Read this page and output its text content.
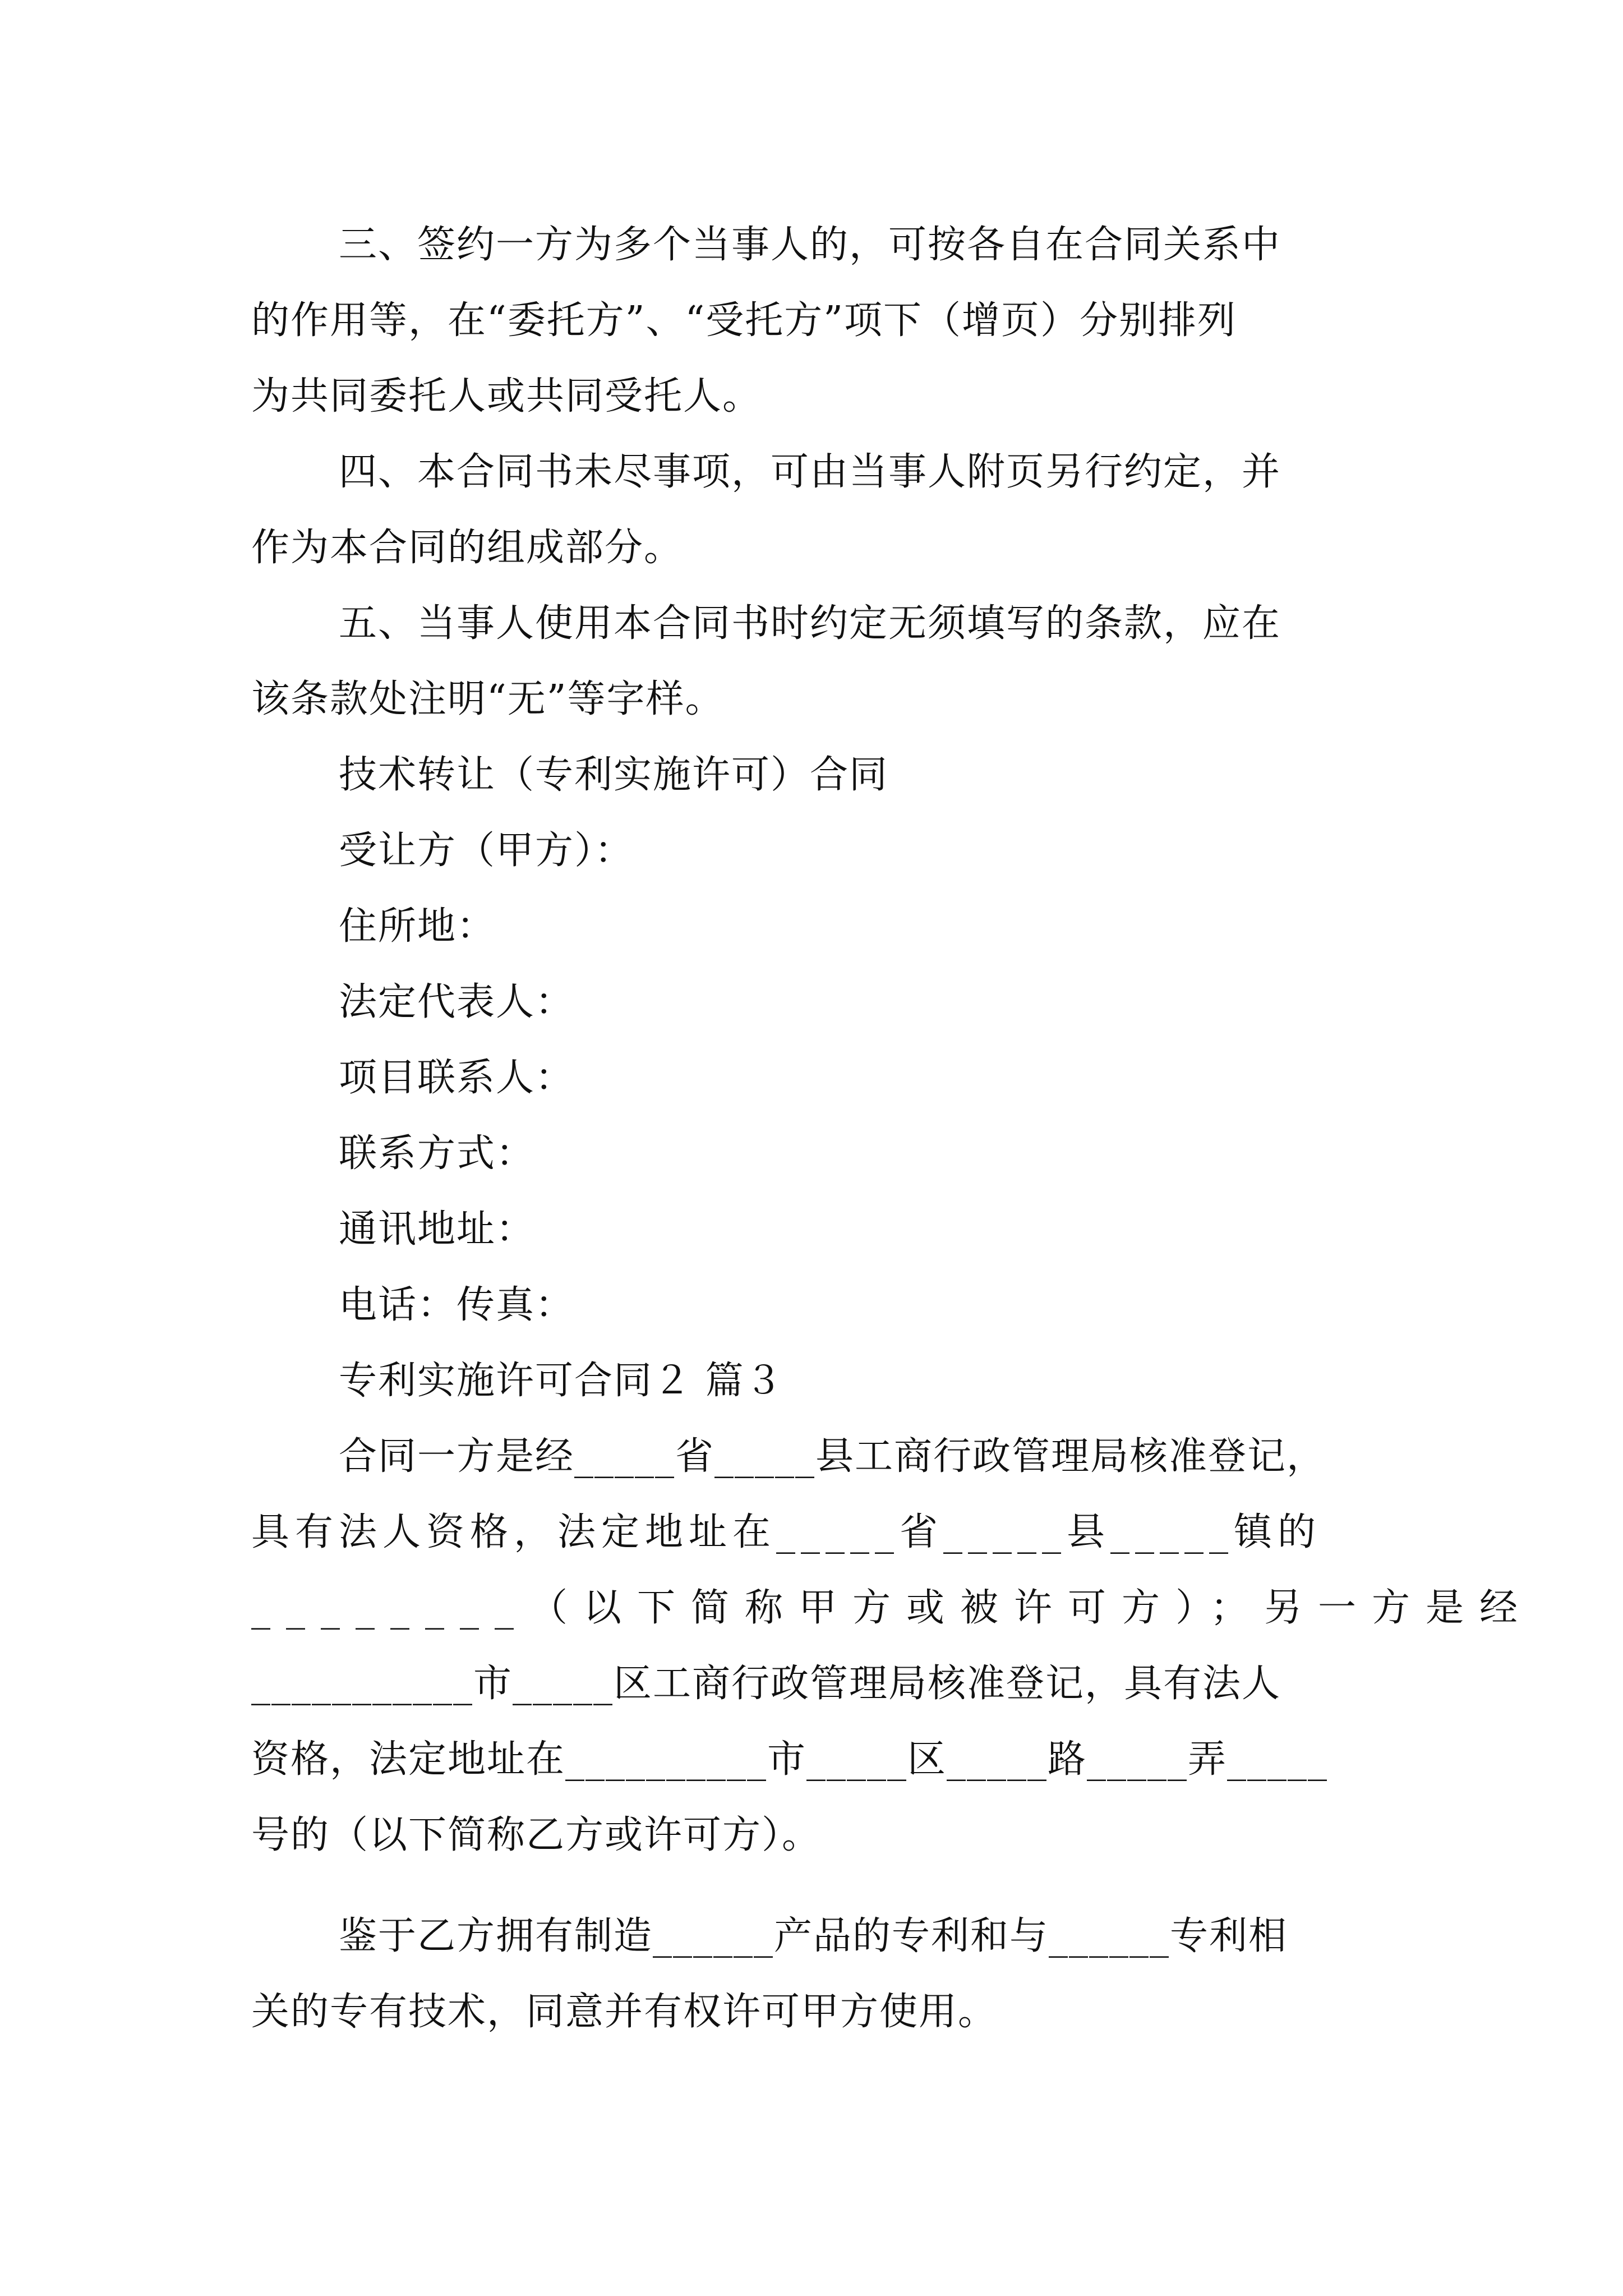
三、签约一方为多个当事人的，可按各自在合同关系中
的作用等，在“委托方”、“受托方”项下（增页）分别排列
为共同委托人或共同受托人。
四、本合同书未尽事项，可由当事人附页另行约定，并
作为本合同的组成部分。
五、当事人使用本合同书时约定无须填写的条款，应在
该条款处注明“无”等字样。
技术转让（专利实施许可）合同
受让方（甲方）：
住所地：
法定代表人：
项目联系人：
联系方式：
通讯地址：
电话：传真：
专利实施许可合同２ 篇３
合同一方是经_____省_____县工商行政管理局核准登记，
具有法人资格，法定地址在_____省_____县_____镇的
________（以下简称甲方或被许可方）；另一方是经
___________市_____区工商行政管理局核准登记，具有法人
资格，法定地址在__________市_____区_____路_____弄_____
号的（以下简称乙方或许可方）。
鉴于乙方拥有制造______产品的专利和与______专利相
关的专有技术，同意并有权许可甲方使用。
